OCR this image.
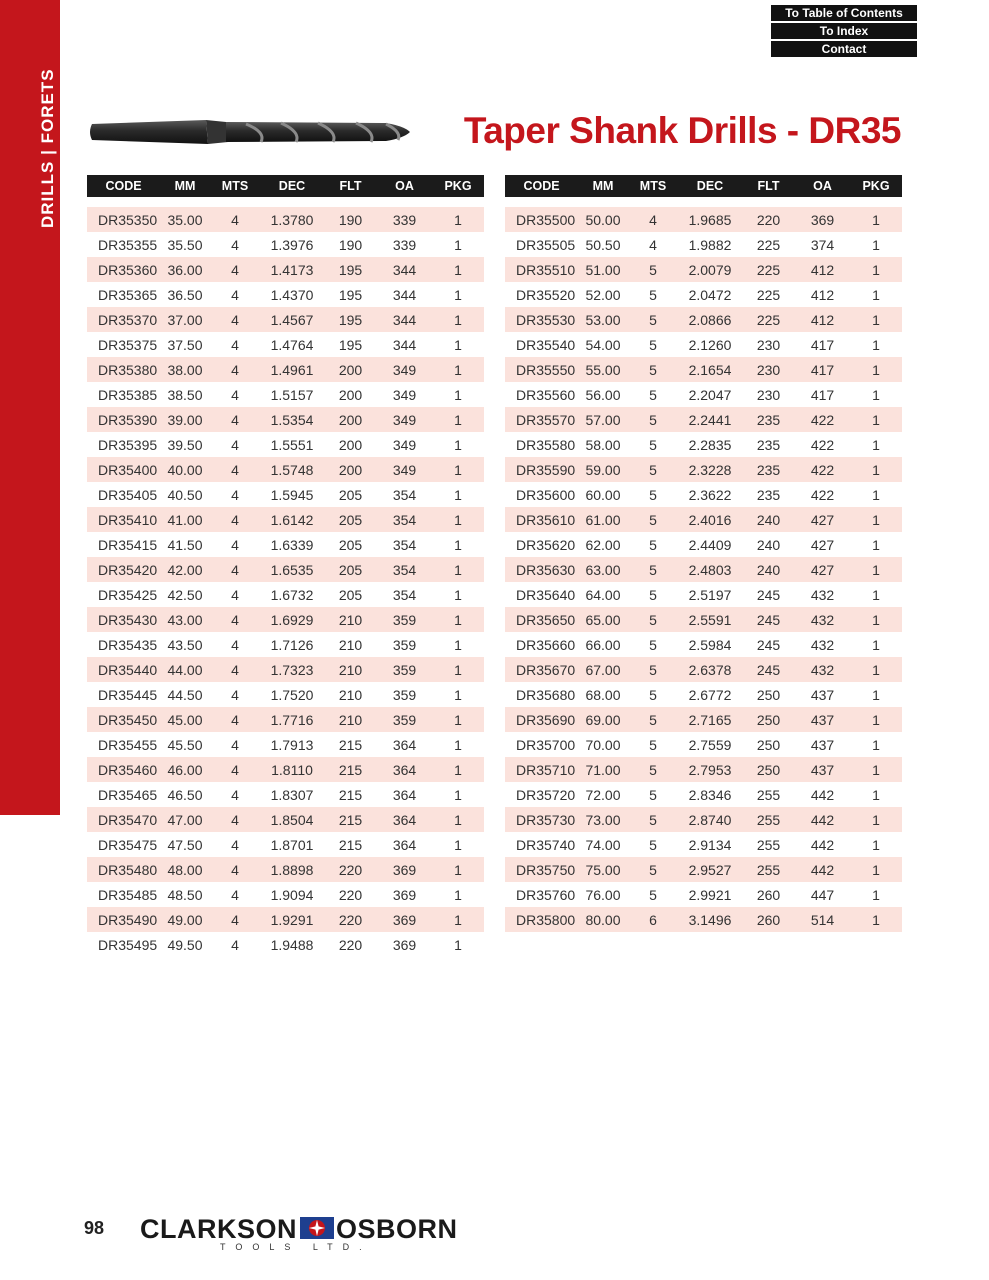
DRILLS | FORETS
To Table of Contents
To Index
Contact
Taper Shank Drills - DR35
CODE	MM	MTS	DEC	FLT	OA	PKG
DR35350	35.00	4	1.3780	190	339	1
DR35355	35.50	4	1.3976	190	339	1
DR35360	36.00	4	1.4173	195	344	1
DR35365	36.50	4	1.4370	195	344	1
DR35370	37.00	4	1.4567	195	344	1
DR35375	37.50	4	1.4764	195	344	1
DR35380	38.00	4	1.4961	200	349	1
DR35385	38.50	4	1.5157	200	349	1
DR35390	39.00	4	1.5354	200	349	1
DR35395	39.50	4	1.5551	200	349	1
DR35400	40.00	4	1.5748	200	349	1
DR35405	40.50	4	1.5945	205	354	1
DR35410	41.00	4	1.6142	205	354	1
DR35415	41.50	4	1.6339	205	354	1
DR35420	42.00	4	1.6535	205	354	1
DR35425	42.50	4	1.6732	205	354	1
DR35430	43.00	4	1.6929	210	359	1
DR35435	43.50	4	1.7126	210	359	1
DR35440	44.00	4	1.7323	210	359	1
DR35445	44.50	4	1.7520	210	359	1
DR35450	45.00	4	1.7716	210	359	1
DR35455	45.50	4	1.7913	215	364	1
DR35460	46.00	4	1.8110	215	364	1
DR35465	46.50	4	1.8307	215	364	1
DR35470	47.00	4	1.8504	215	364	1
DR35475	47.50	4	1.8701	215	364	1
DR35480	48.00	4	1.8898	220	369	1
DR35485	48.50	4	1.9094	220	369	1
DR35490	49.00	4	1.9291	220	369	1
DR35495	49.50	4	1.9488	220	369	1
CODE	MM	MTS	DEC	FLT	OA	PKG
DR35500	50.00	4	1.9685	220	369	1
DR35505	50.50	4	1.9882	225	374	1
DR35510	51.00	5	2.0079	225	412	1
DR35520	52.00	5	2.0472	225	412	1
DR35530	53.00	5	2.0866	225	412	1
DR35540	54.00	5	2.1260	230	417	1
DR35550	55.00	5	2.1654	230	417	1
DR35560	56.00	5	2.2047	230	417	1
DR35570	57.00	5	2.2441	235	422	1
DR35580	58.00	5	2.2835	235	422	1
DR35590	59.00	5	2.3228	235	422	1
DR35600	60.00	5	2.3622	235	422	1
DR35610	61.00	5	2.4016	240	427	1
DR35620	62.00	5	2.4409	240	427	1
DR35630	63.00	5	2.4803	240	427	1
DR35640	64.00	5	2.5197	245	432	1
DR35650	65.00	5	2.5591	245	432	1
DR35660	66.00	5	2.5984	245	432	1
DR35670	67.00	5	2.6378	245	432	1
DR35680	68.00	5	2.6772	250	437	1
DR35690	69.00	5	2.7165	250	437	1
DR35700	70.00	5	2.7559	250	437	1
DR35710	71.00	5	2.7953	250	437	1
DR35720	72.00	5	2.8346	255	442	1
DR35730	73.00	5	2.8740	255	442	1
DR35740	74.00	5	2.9134	255	442	1
DR35750	75.00	5	2.9527	255	442	1
DR35760	76.00	5	2.9921	260	447	1
DR35800	80.00	6	3.1496	260	514	1
98 CLARKSON OSBORN
TOOLS LTD.
